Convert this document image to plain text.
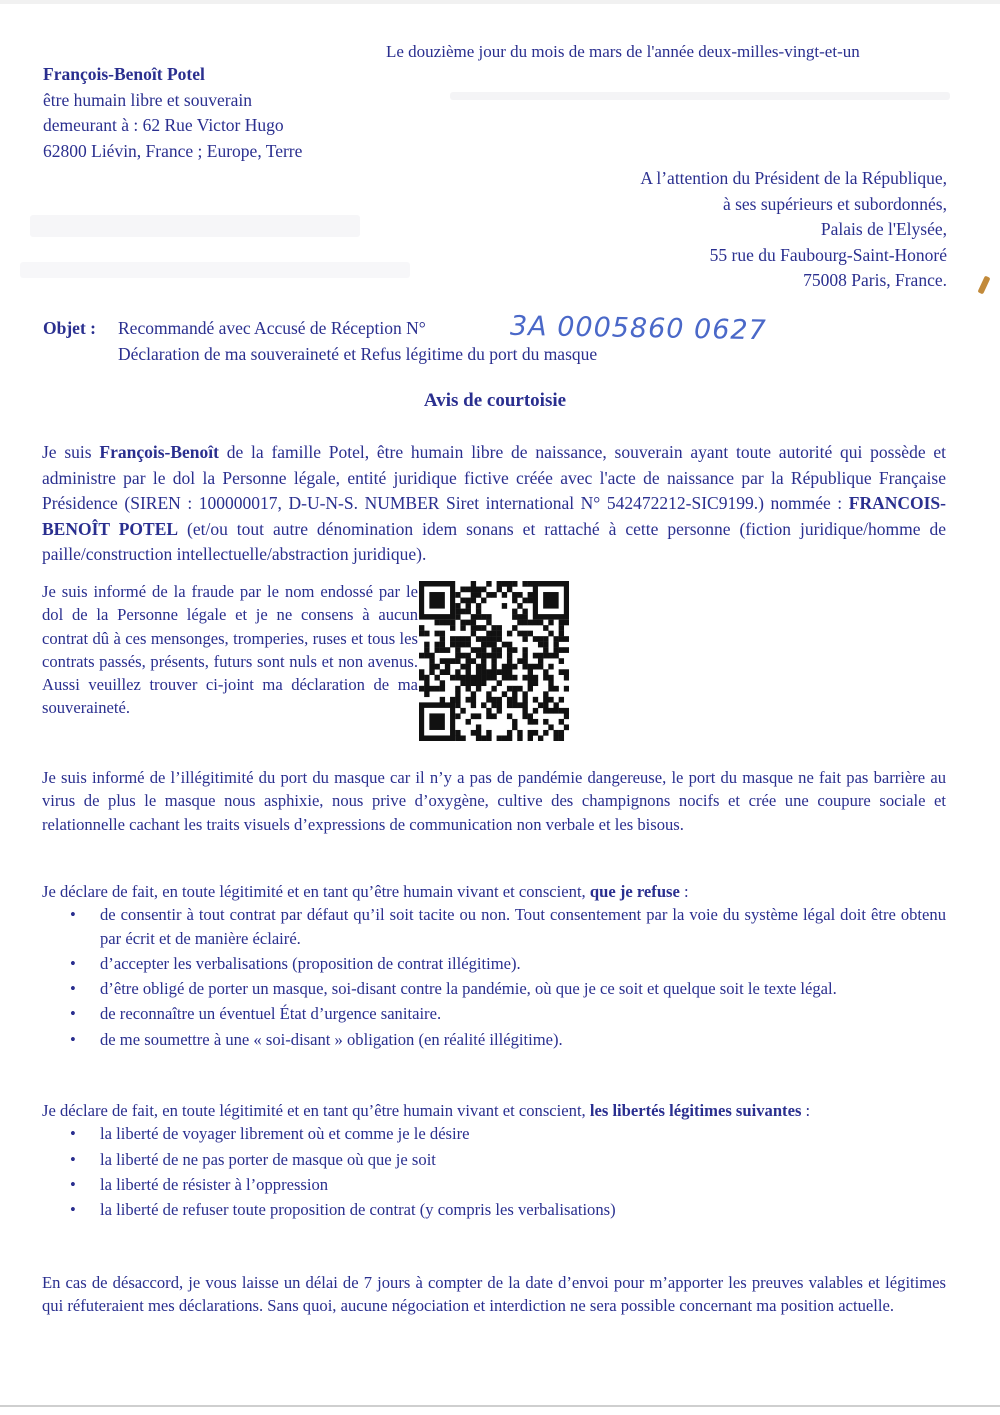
Le douzième jour du mois de mars de l'année deux-milles-vingt-et-un
François-Benoît Potel
être humain libre et souverain
demeurant à : 62 Rue Victor Hugo
62800 Liévin, France ; Europe, Terre
A l’attention du Président de la République,
à ses supérieurs et subordonnés,
Palais de l'Elysée,
55 rue du Faubourg-Saint-Honoré
75008 Paris, France.
Objet : Recommandé avec Accusé de Réception N°
Déclaration de ma souveraineté et Refus légitime du port du masque
3A 0005860 0627
Avis de courtoisie

Je suis François-Benoît de la famille Potel, être humain libre de naissance, souverain ayant toute autorité qui possède et administre par le dol la Personne légale, entité juridique fictive créée avec l'acte de naissance par la République Française Présidence (SIREN : 100000017, D-U-N-S. NUMBER Siret international N° 542472212-SIC9199.) nommée : FRANCOIS-BENOÎT POTEL (et/ou tout autre dénomination idem sonans et rattaché à cette personne (fiction juridique/homme de paille/construction intellectuelle/abstraction juridique).

Je suis informé de la fraude par le nom endossé par le dol de la Personne légale et je ne consens à aucun contrat dû à ces mensonges, tromperies, ruses et tous les contrats passés, présents, futurs sont nuls et non avenus. Aussi veuillez trouver ci-joint ma déclaration de ma souveraineté.
Je suis informé de l’illégitimité du port du masque car il n’y a pas de pandémie dangereuse, le port du masque ne fait pas barrière au virus de plus le masque nous asphixie, nous prive d’oxygène, cultive des champignons nocifs et crée une coupure sociale et relationnelle cachant les traits visuels d’expressions de communication non verbale et les bisous.

Je déclare de fait, en toute légitimité et en tant qu’être humain vivant et conscient, que je refuse :

• de consentir à tout contrat par défaut qu’il soit tacite ou non. Tout consentement par la voie du système légal doit être obtenu par écrit et de manière éclairé.
• d’accepter les verbalisations (proposition de contrat illégitime).
• d’être obligé de porter un masque, soi-disant contre la pandémie, où que je ce soit et quelque soit le texte légal.
• de reconnaître un éventuel État d’urgence sanitaire.
• de me soumettre à une « soi-disant » obligation (en réalité illégitime).

Je déclare de fait, en toute légitimité et en tant qu’être humain vivant et conscient, les libertés légitimes suivantes :

• la liberté de voyager librement où et comme je le désire
• la liberté de ne pas porter de masque où que je soit
• la liberté de résister à l’oppression
• la liberté de refuser toute proposition de contrat (y compris les verbalisations)
En cas de désaccord, je vous laisse un délai de 7 jours à compter de la date d’envoi pour m’apporter les preuves valables et légitimes qui réfuteraient mes déclarations. Sans quoi, aucune négociation et interdiction ne sera possible concernant ma position actuelle.
